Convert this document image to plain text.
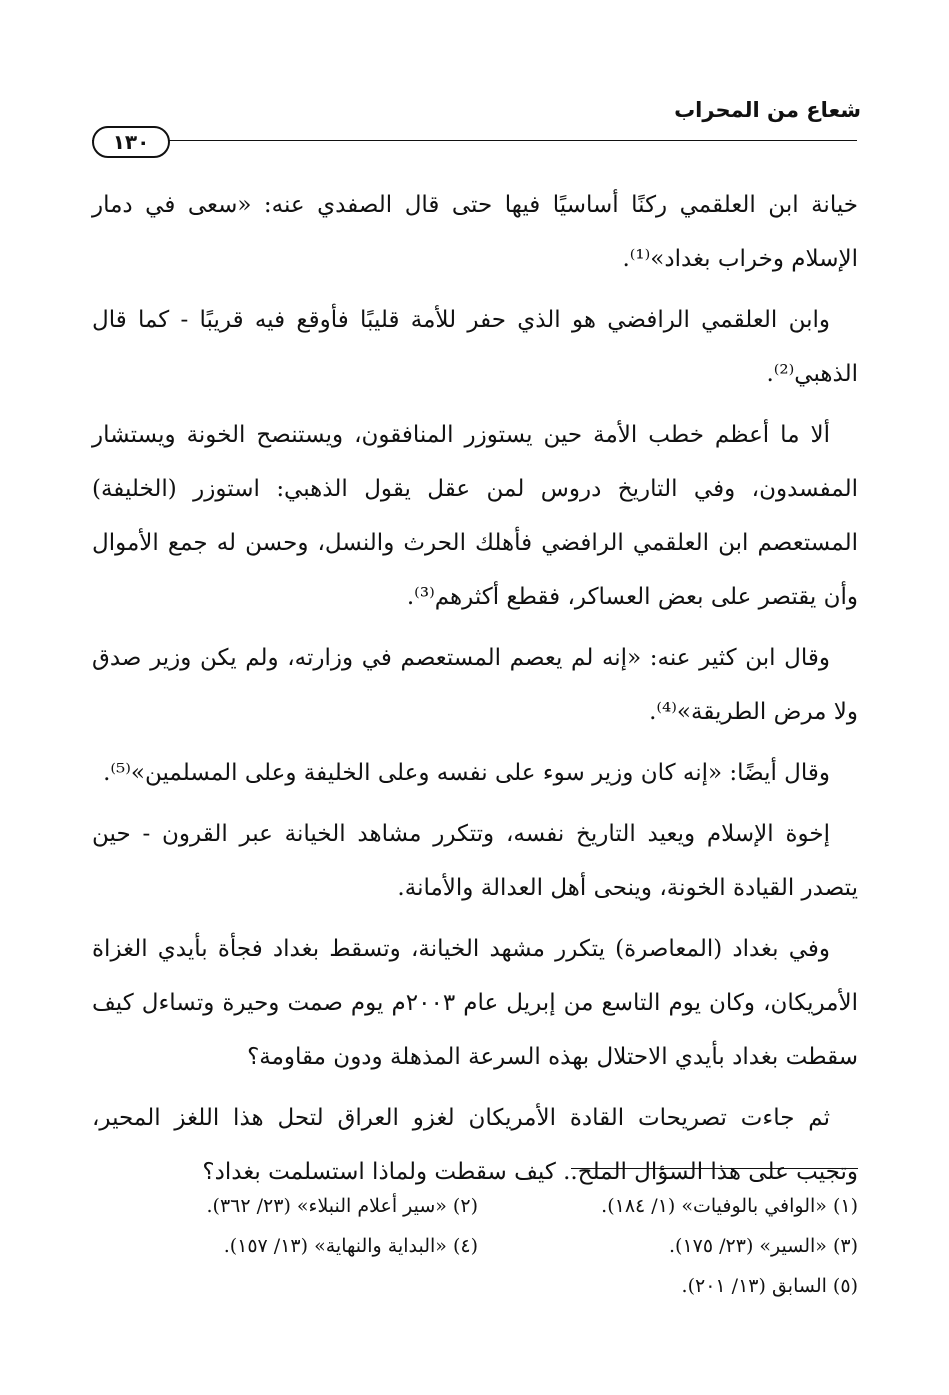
شعاع من المحراب
١٣٠

خيانة ابن العلقمي ركنًا أساسيًا فيها حتى قال الصفدي عنه: «سعى في دمار الإسلام وخراب بغداد»⁽¹⁾.

وابن العلقمي الرافضي هو الذي حفر للأمة قليبًا فأوقع فيه قريبًا - كما قال الذهبي⁽²⁾.

ألا ما أعظم خطب الأمة حين يستوزر المنافقون، ويستنصح الخونة ويستشار المفسدون، وفي التاريخ دروس لمن عقل يقول الذهبي: استوزر (الخليفة) المستعصم ابن العلقمي الرافضي فأهلك الحرث والنسل، وحسن له جمع الأموال وأن يقتصر على بعض العساكر، فقطع أكثرهم⁽³⁾.

وقال ابن كثير عنه: «إنه لم يعصم المستعصم في وزارته، ولم يكن وزير صدق ولا مرض الطريقة»⁽⁴⁾.

وقال أيضًا: «إنه كان وزير سوء على نفسه وعلى الخليفة وعلى المسلمين»⁽⁵⁾.

إخوة الإسلام ويعيد التاريخ نفسه، وتتكرر مشاهد الخيانة عبر القرون - حين يتصدر القيادة الخونة، وينحى أهل العدالة والأمانة.

وفي بغداد (المعاصرة) يتكرر مشهد الخيانة، وتسقط بغداد فجأة بأيدي الغزاة الأمريكان، وكان يوم التاسع من إبريل عام ٢٠٠٣م يوم صمت وحيرة وتساءل كيف سقطت بغداد بأيدي الاحتلال بهذه السرعة المذهلة ودون مقاومة؟

ثم جاءت تصريحات القادة الأمريكان لغزو العراق لتحل هذا اللغز المحير، وتجيب على هذا السؤال الملح.. كيف سقطت ولماذا استسلمت بغداد؟

(١) «الوافي بالوفيات» (١/ ١٨٤).
(٢) «سير أعلام النبلاء» (٢٣/ ٣٦٢).
(٣) «السير» (٢٣/ ١٧٥).
(٤) «البداية والنهاية» (١٣/ ١٥٧).
(٥) السابق (١٣/ ٢٠١).
